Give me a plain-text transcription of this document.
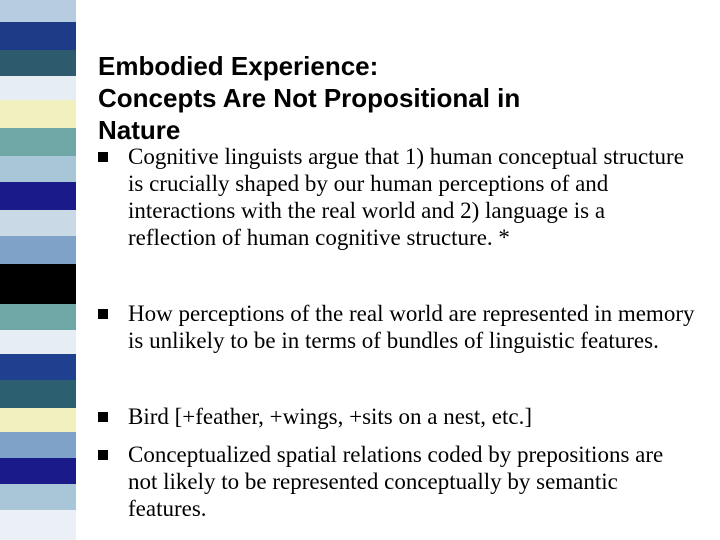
Embodied Experience:
Concepts Are Not Propositional in
Nature
Cognitive linguists argue that 1) human conceptual structure is crucially shaped by our human perceptions of and interactions with the real world and 2) language is a reflection of human cognitive structure. *
How perceptions of the real world are represented in memory is unlikely to be in terms of bundles of linguistic features.
Bird [+feather, +wings, +sits on a nest, etc.]
Conceptualized spatial relations coded by prepositions are not likely to be represented conceptually by semantic features.
